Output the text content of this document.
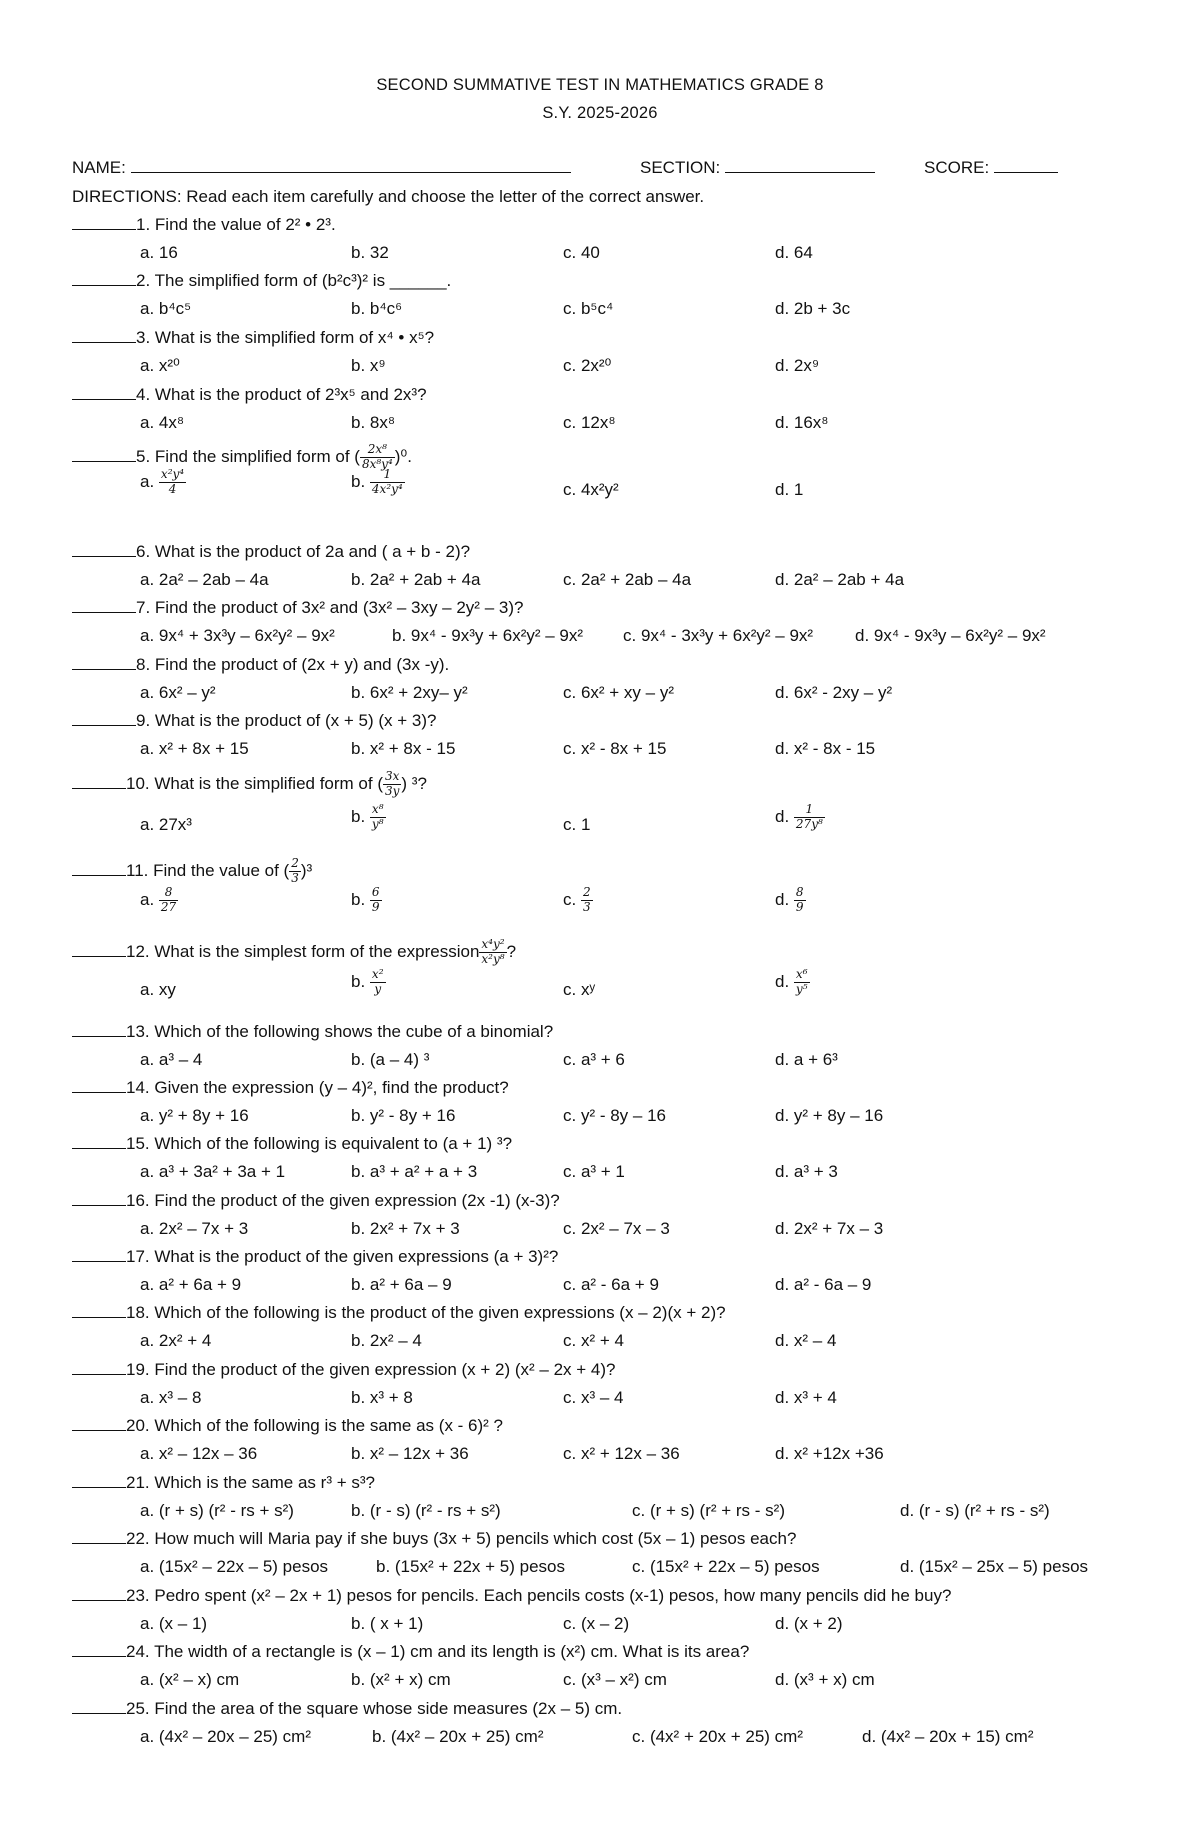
SECOND SUMMATIVE TEST IN MATHEMATICS GRADE 8
S.Y. 2025-2026
NAME:	SECTION:	SCORE:
DIRECTIONS: Read each item carefully and choose the letter of the correct answer.
1. Find the value of 2² • 2³.
a. 16	b. 32	c. 40	d. 64
2. The simplified form of (b²c³)² is ______.
a. b⁴c⁵	b. b⁴c⁶	c. b⁵c⁴	d. 2b + 3c
3. What is the simplified form of x⁴ • x⁵?
a. x²⁰	b. x⁹	c. 2x²⁰	d. 2x⁹
4. What is the product of 2³x⁵ and 2x³?
a. 4x⁸	b. 8x⁸	c. 12x⁸	d. 16x⁸
5. Find the simplified form of ( $\frac{\text{2x⁸}}{\text{8x⁸y⁴}} )^0$.
a. $\frac{\text{x²y⁴}}{4}$	b. $\frac{1}{\text{4x²y⁴}}$	c. 4x²y²	d. 1
6. What is the product of 2a and ( a + b - 2)?
a. 2a² – 2ab – 4a	b. 2a² + 2ab + 4a	c. 2a² + 2ab – 4a	d. 2a² – 2ab + 4a
7. Find the product of 3x² and (3x² – 3xy – 2y² – 3)?
a. 9x⁴ + 3x³y – 6x²y² – 9x²	b. 9x⁴ - 9x³y + 6x²y² – 9x² c. 9x⁴ - 3x³y + 6x²y² – 9x² d. 9x⁴ - 9x³y – 6x²y² – 9x²
8. Find the product of (2x + y) and (3x -y).
a. 6x² – y²	b. 6x² + 2xy– y²	c. 6x² + xy – y²	d. 6x² - 2xy – y²
9. What is the product of (x + 5) (x + 3)?
a. x² + 8x + 15	b. x² + 8x - 15	c. x² - 8x + 15	d. x² - 8x - 15
10. What is the simplified form of ( $\frac{3x}{3y}$ ) ³?
a. 27x³	b. $\frac{\text{x⁸}}{\text{y⁸}}$	c. 1	d. $\frac{1}{\text{27y⁸}}$
11. Find the value of ( $\frac{2}{3} )^3$
a. $\frac{8}{27}$	b. $\frac{6}{9}$	c. $\frac{2}{3}$	d. $\frac{8}{9}$
12. What is the simplest form of the expression $\frac{\text{x⁴y²}}{\text{x²y⁸}}$ ?
a. xy	b. $\frac{\text{x²}}{y}$	c. xʸ	d. $\frac{\text{x⁶}}{\text{y⁵}}$
13. Which of the following shows the cube of a binomial?
a. a³ – 4	b. (a – 4) ³	c. a³ + 6	d. a + 6³
14. Given the expression (y – 4)², find the product?
a. y² + 8y + 16	b. y² - 8y + 16	c. y² - 8y – 16	d. y² + 8y – 16
15. Which of the following is equivalent to (a + 1) ³?
a. a³ + 3a² + 3a + 1	b. a³ + a² + a + 3	c. a³ + 1	d. a³ + 3
16. Find the product of the given expression (2x -1) (x-3)?
a. 2x² – 7x + 3	b. 2x² + 7x + 3	c. 2x² – 7x – 3	d. 2x² + 7x – 3
17. What is the product of the given expressions (a + 3)²?
a. a² + 6a + 9	b. a² + 6a – 9	c. a² - 6a + 9	d. a² - 6a – 9
18. Which of the following is the product of the given expressions (x – 2)(x + 2)?
a. 2x² + 4	b. 2x² – 4	c. x² + 4	d. x² – 4
19. Find the product of the given expression (x + 2) (x² – 2x + 4)?
a. x³ – 8	b. x³ + 8	c. x³ – 4	d. x³ + 4
20. Which of the following is the same as (x - 6)² ?
a. x² – 12x – 36	b. x² – 12x + 36	c. x² + 12x – 36	d. x² +12x +36
21. Which is the same as r³ + s³?
a. (r + s) (r² - rs + s²)	b. (r - s) (r² - rs + s²)	c. (r + s) (r² + rs - s²)	d. (r - s) (r² + rs - s²)
22. How much will Maria pay if she buys (3x + 5) pencils which cost (5x – 1) pesos each?
a. (15x² – 22x – 5) pesos	b. (15x² + 22x + 5) pesos	c. (15x² + 22x – 5) pesos	d. (15x² – 25x – 5) pesos
23. Pedro spent (x² – 2x + 1) pesos for pencils. Each pencils costs (x-1) pesos, how many pencils did he buy?
a. (x – 1)	b. ( x + 1)	c. (x – 2)	d. (x + 2)
24. The width of a rectangle is (x – 1) cm and its length is (x²) cm. What is its area?
a. (x² – x) cm	b. (x² + x) cm	c. (x³ – x²) cm	d. (x³ + x) cm
25. Find the area of the square whose side measures (2x – 5) cm.
a. (4x² – 20x – 25) cm²	b. (4x² – 20x + 25) cm²	c. (4x² + 20x + 25) cm²	d. (4x² – 20x + 15) cm²
